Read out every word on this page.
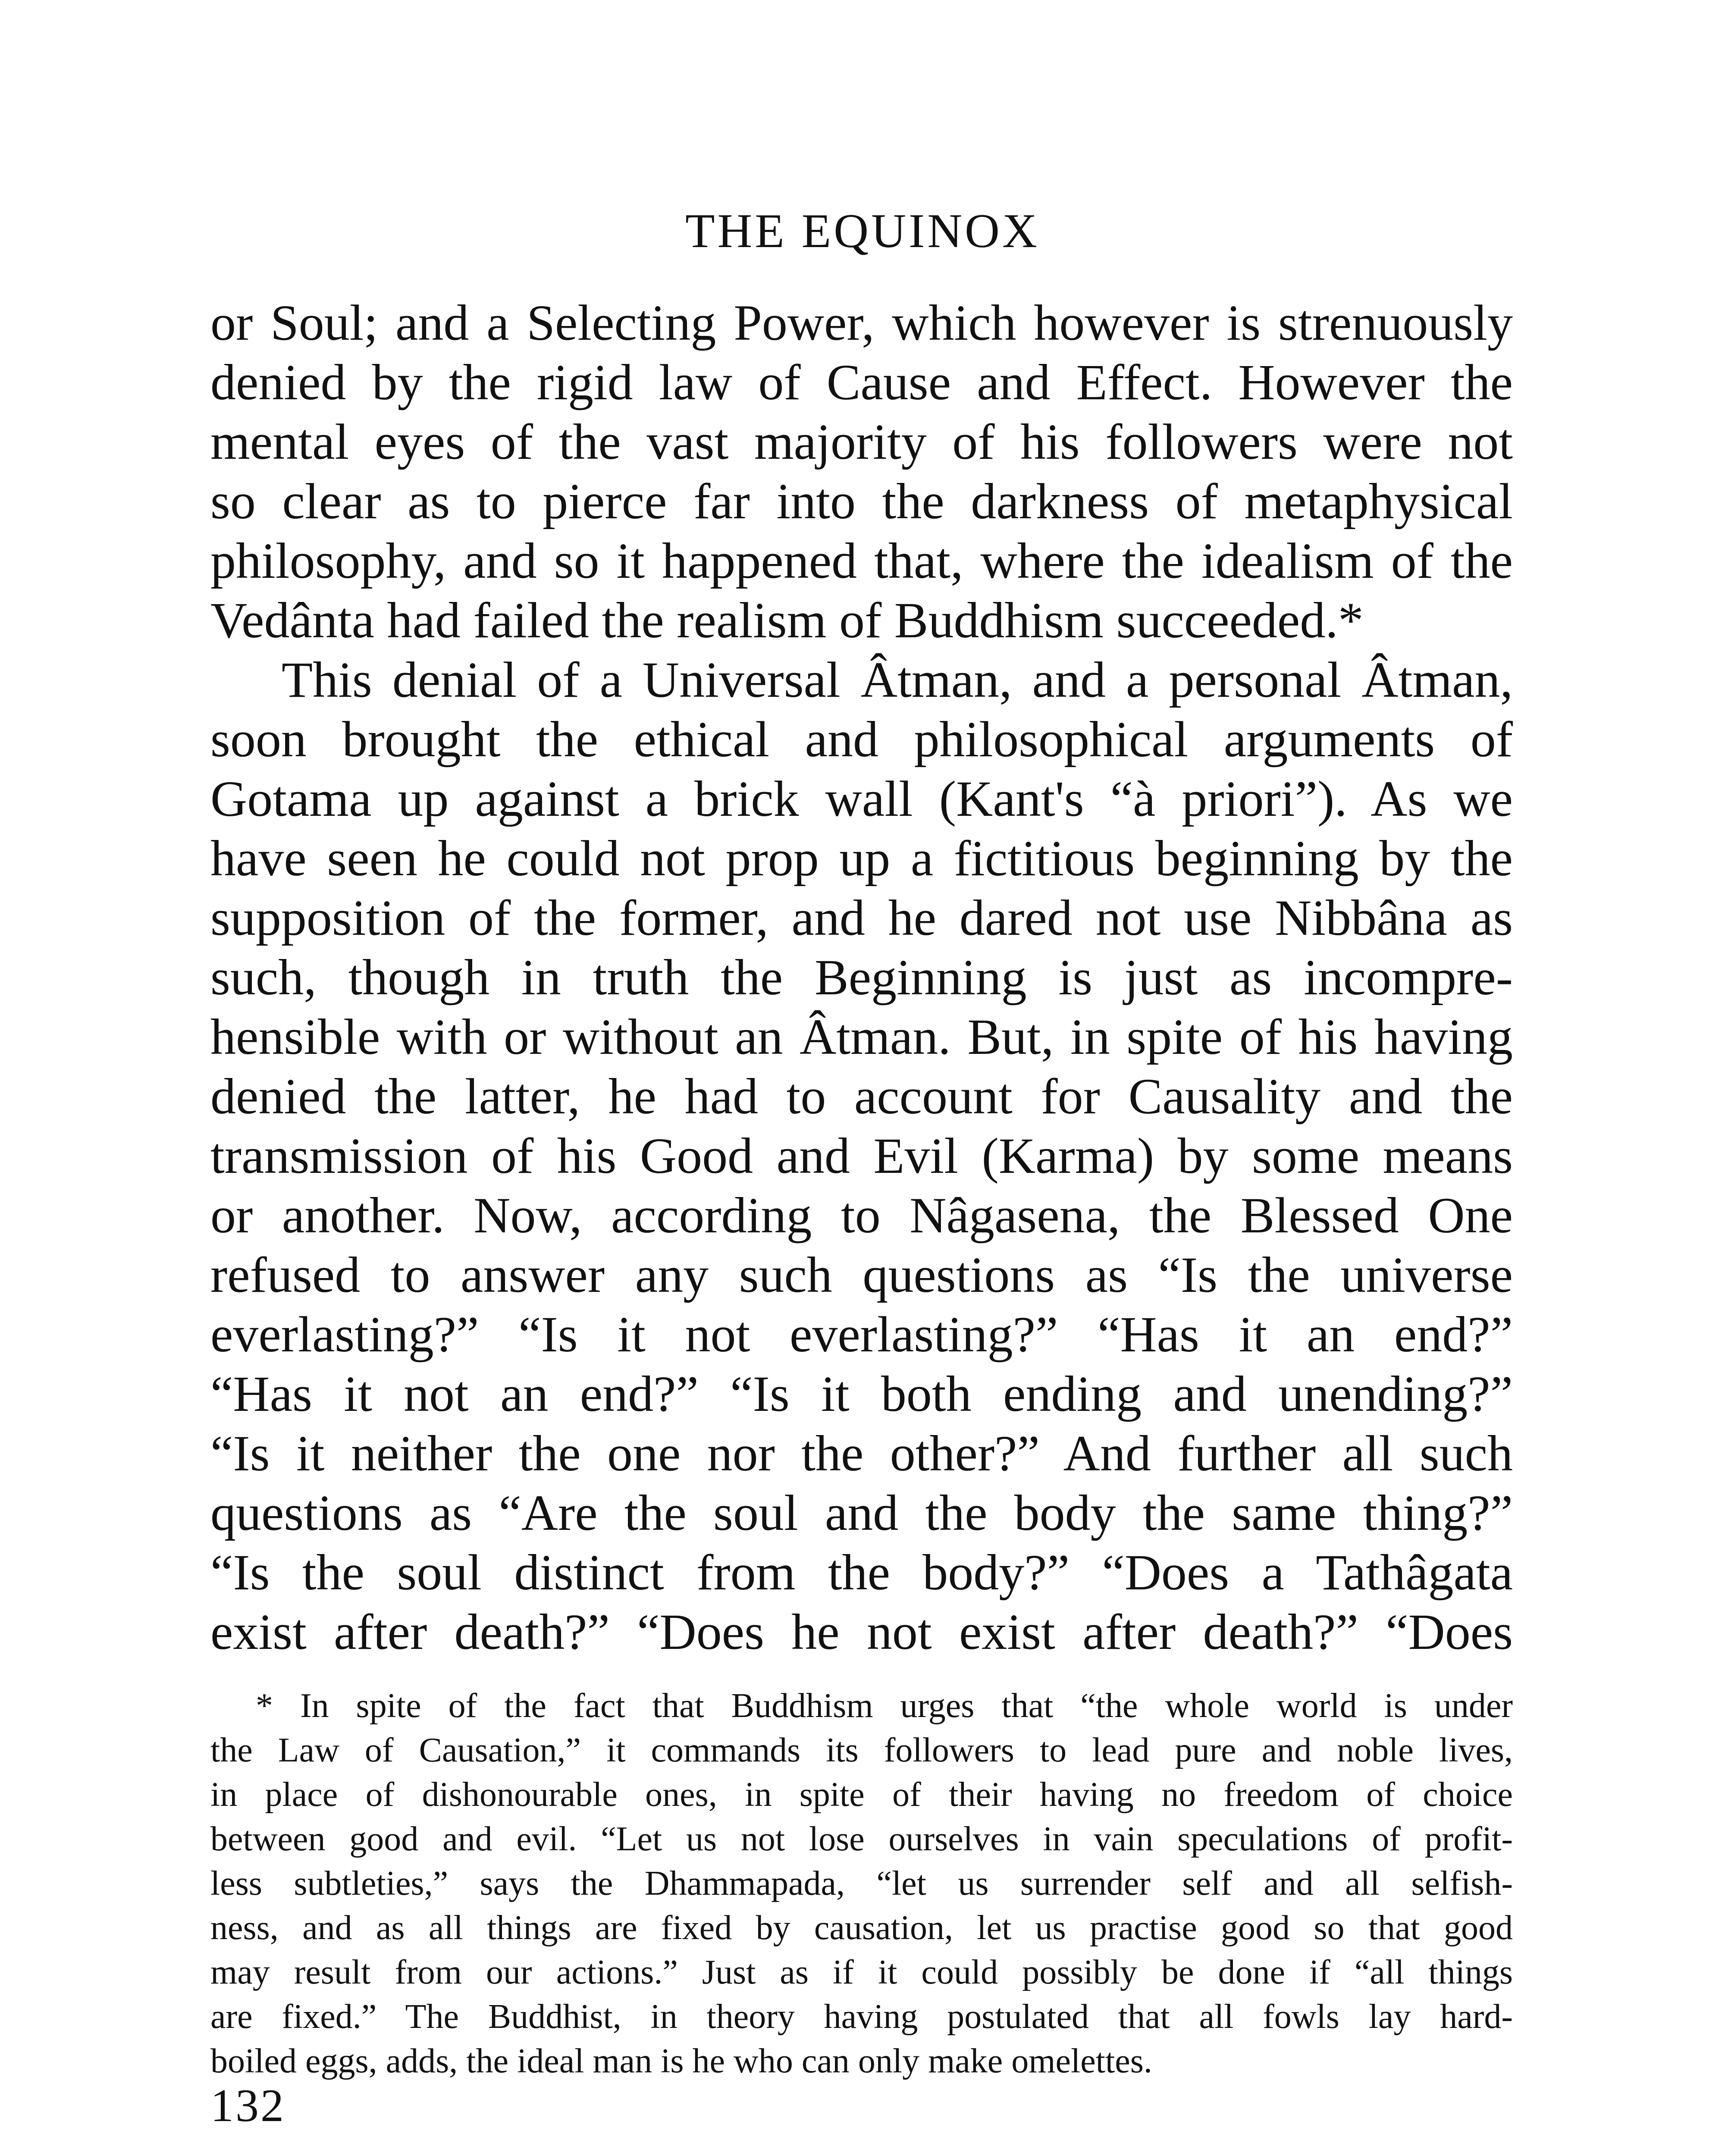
THE EQUINOX
or Soul; and a Selecting Power, which however is strenuously
denied by the rigid law of Cause and Effect. However the
mental eyes of the vast majority of his followers were not
so clear as to pierce far into the darkness of metaphysical
philosophy, and so it happened that, where the idealism of the
Vedânta had failed the realism of Buddhism succeeded.*
This denial of a Universal Âtman, and a personal Âtman,
soon brought the ethical and philosophical arguments of
Gotama up against a brick wall (Kant's “à priori”). As we
have seen he could not prop up a fictitious beginning by the
supposition of the former, and he dared not use Nibbâna as
such, though in truth the Beginning is just as incompre-
hensible with or without an Âtman. But, in spite of his having
denied the latter, he had to account for Causality and the
transmission of his Good and Evil (Karma) by some means
or another. Now, according to Nâgasena, the Blessed One
refused to answer any such questions as “Is the universe
everlasting?” “Is it not everlasting?” “Has it an end?”
“Has it not an end?” “Is it both ending and unending?”
“Is it neither the one nor the other?” And further all such
questions as “Are the soul and the body the same thing?”
“Is the soul distinct from the body?” “Does a Tathâgata
exist after death?” “Does he not exist after death?” “Does
* In spite of the fact that Buddhism urges that “the whole world is under
the Law of Causation,” it commands its followers to lead pure and noble lives,
in place of dishonourable ones, in spite of their having no freedom of choice
between good and evil. “Let us not lose ourselves in vain speculations of profit-
less subtleties,” says the Dhammapada, “let us surrender self and all selfish-
ness, and as all things are fixed by causation, let us practise good so that good
may result from our actions.” Just as if it could possibly be done if “all things
are fixed.” The Buddhist, in theory having postulated that all fowls lay hard-
boiled eggs, adds, the ideal man is he who can only make omelettes.
132
